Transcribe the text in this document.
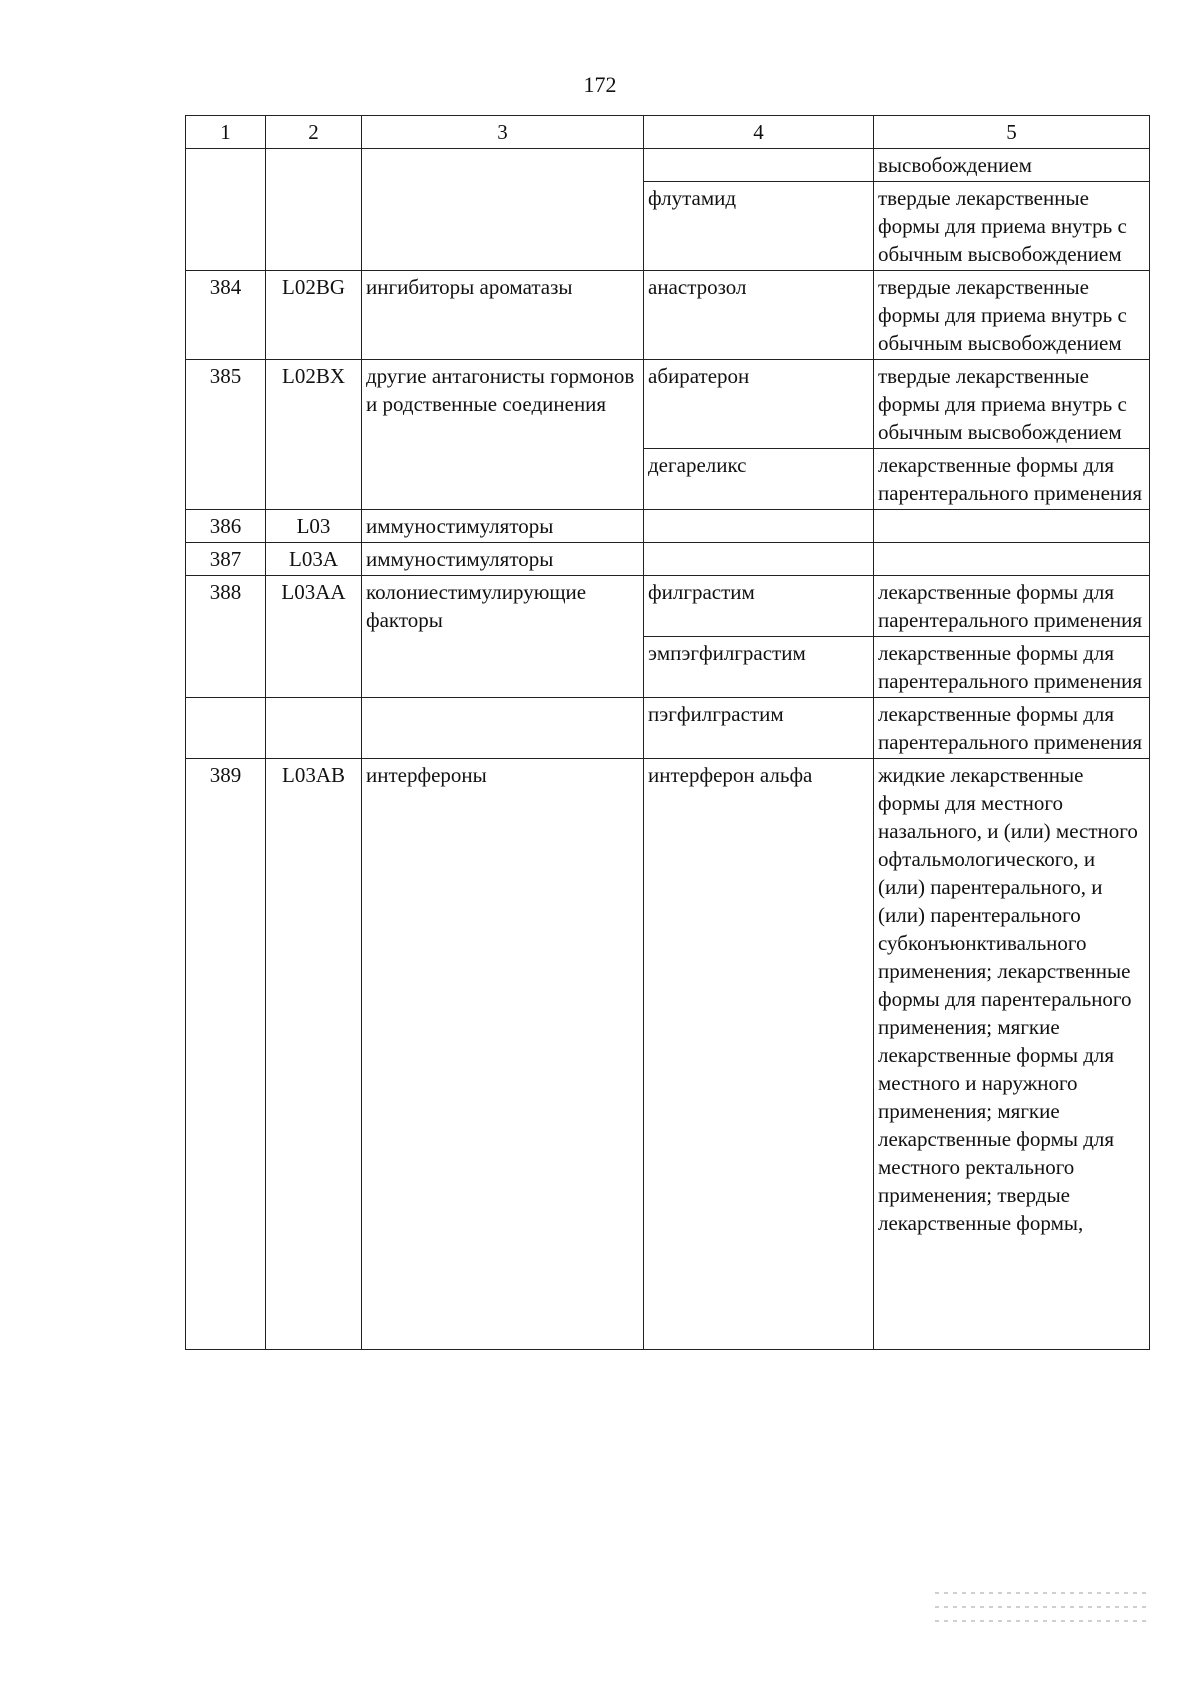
172
1	2	3	4	5
				высвобождением
			флутамид	твердые лекарственные формы для приема внутрь с обычным высвобождением
384	L02BG	ингибиторы ароматазы	анастрозол	твердые лекарственные формы для приема внутрь с обычным высвобождением
385	L02BX	другие антагонисты гормонов и родственные соединения	абиратерон	твердые лекарственные формы для приема внутрь с обычным высвобождением
			дегареликс	лекарственные формы для парентерального применения
386	L03	иммуностимуляторы		
387	L03A	иммуностимуляторы		
388	L03AA	колониестимулирующие факторы	филграстим	лекарственные формы для парентерального применения
			эмпэгфилграстим	лекарственные формы для парентерального применения
			пэгфилграстим	лекарственные формы для парентерального применения
389	L03AB	интерфероны	интерферон альфа	жидкие лекарственные формы для местного назального, и (или) местного офтальмологического, и (или) парентерального, и (или) парентерального субконъюнктивального применения; лекарственные формы для парентерального применения; мягкие лекарственные формы для местного и наружного применения; мягкие лекарственные формы для местного ректального применения; твердые лекарственные формы,
